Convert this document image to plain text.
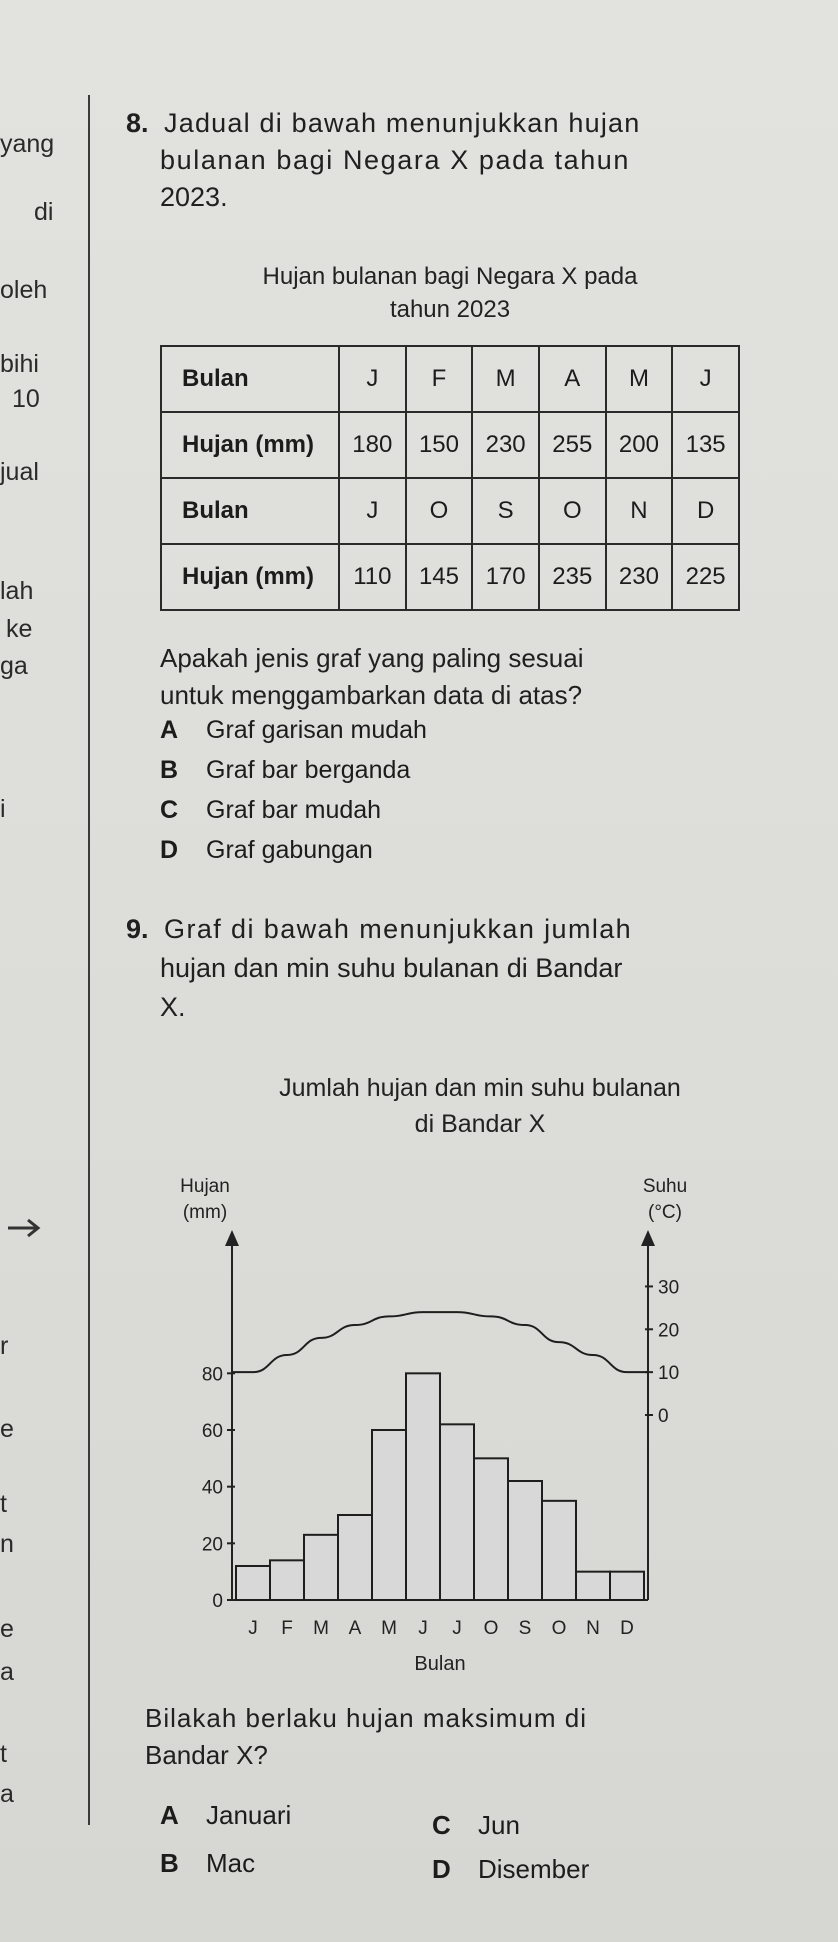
yang
di
oleh
bihi
10
jual
lah
ke
ga
i
r
e
t
n
e
a
t
a
8. Jadual di bawah menunjukkan hujan
bulanan bagi Negara X pada tahun
2023.
Hujan bulanan bagi Negara X pada
tahun 2023
Bulan	J	F	M	A	M	J
Hujan (mm)	180	150	230	255	200	135
Bulan	J	O	S	O	N	D
Hujan (mm)	110	145	170	235	230	225
Apakah jenis graf yang paling sesuai
untuk menggambarkan data di atas?
A Graf garisan mudah
B Graf bar berganda
C Graf bar mudah
D Graf gabungan
9. Graf di bawah menunjukkan jumlah
hujan dan min suhu bulanan di Bandar
X.
Jumlah hujan dan min suhu bulanan
di Bandar X
Hujan
(mm)
Suhu
(°C)
0
20
40
60
80
0
10
20
30
J F M A M J J O S O N D
Bulan
Bilakah berlaku hujan maksimum di
Bandar X?
A Januari
B Mac
C Jun
D Disember
